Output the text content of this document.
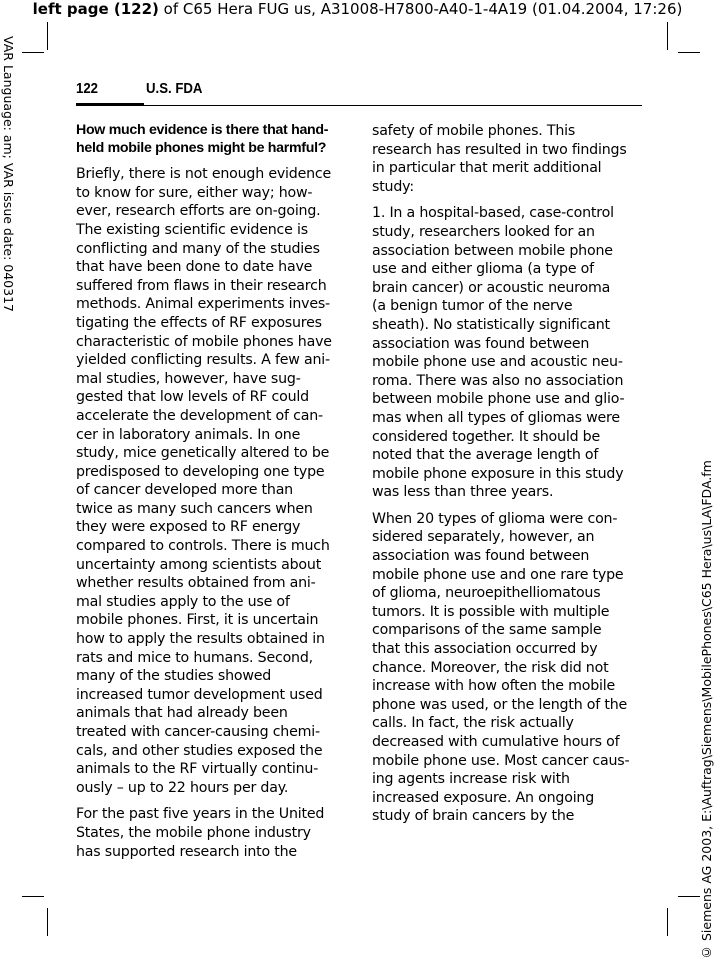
left page (122) of C65 Hera FUG us, A31008-H7800-A40-1-4A19 (01.04.2004, 17:26)
VAR Language: am; VAR issue date: 040317
© Siemens AG 2003, E:\Auftrag\Siemens\MobilePhones\C65 Hera\us\LA\FDA.fm
122	U.S. FDA
How much evidence is there that hand-
held mobile phones might be harmful?

Briefly, there is not enough evidence
to know for sure, either way; how-
ever, research efforts are on-going.
The existing scientific evidence is
conflicting and many of the studies
that have been done to date have
suffered from flaws in their research
methods. Animal experiments inves-
tigating the effects of RF exposures
characteristic of mobile phones have
yielded conflicting results. A few ani-
mal studies, however, have sug-
gested that low levels of RF could
accelerate the development of can-
cer in laboratory animals. In one
study, mice genetically altered to be
predisposed to developing one type
of cancer developed more than
twice as many such cancers when
they were exposed to RF energy
compared to controls. There is much
uncertainty among scientists about
whether results obtained from ani-
mal studies apply to the use of
mobile phones. First, it is uncertain
how to apply the results obtained in
rats and mice to humans. Second,
many of the studies showed
increased tumor development used
animals that had already been
treated with cancer-causing chemi-
cals, and other studies exposed the
animals to the RF virtually continu-
ously – up to 22 hours per day.

For the past five years in the United
States, the mobile phone industry
has supported research into the

safety of mobile phones. This
research has resulted in two findings
in particular that merit additional
study:

1. In a hospital-based, case-control
study, researchers looked for an
association between mobile phone
use and either glioma (a type of
brain cancer) or acoustic neuroma
(a benign tumor of the nerve
sheath). No statistically significant
association was found between
mobile phone use and acoustic neu-
roma. There was also no association
between mobile phone use and glio-
mas when all types of gliomas were
considered together. It should be
noted that the average length of
mobile phone exposure in this study
was less than three years.

When 20 types of glioma were con-
sidered separately, however, an
association was found between
mobile phone use and one rare type
of glioma, neuroepithelliomatous
tumors. It is possible with multiple
comparisons of the same sample
that this association occurred by
chance. Moreover, the risk did not
increase with how often the mobile
phone was used, or the length of the
calls. In fact, the risk actually
decreased with cumulative hours of
mobile phone use. Most cancer caus-
ing agents increase risk with
increased exposure. An ongoing
study of brain cancers by the
